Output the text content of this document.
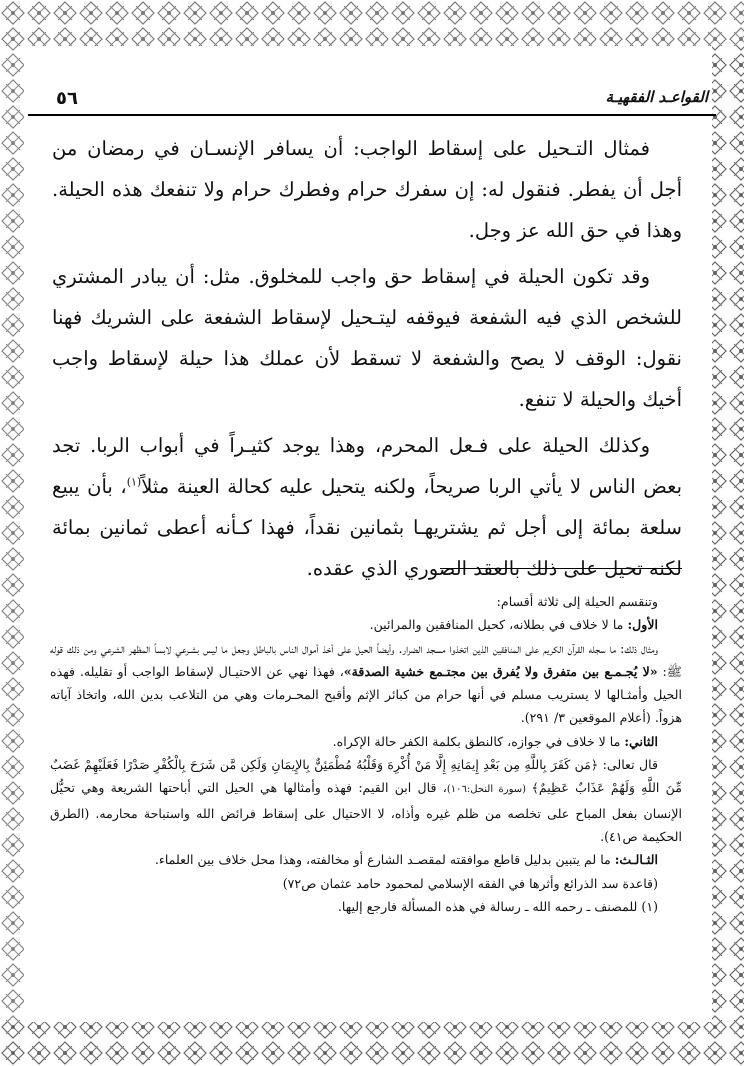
القواعـد الفقهيـة
٥٦

فمثال التـحيل على إسقاط الواجب: أن يسافر الإنسـان في رمضان من أجل أن يفطر. فنقول له: إن سفرك حرام وفطرك حرام ولا تنفعك هذه الحيلة. وهذا في حق الله عز وجل.

وقد تكون الحيلة في إسقاط حق واجب للمخلوق. مثل: أن يبادر المشتري للشخص الذي فيه الشفعة فيوقفه ليتـحيل لإسقاط الشفعة على الشريك فهنا نقول: الوقف لا يصح والشفعة لا تسقط لأن عملك هذا حيلة لإسقاط واجب أخيك والحيلة لا تنفع.

وكذلك الحيلة على فـعل المحرم، وهذا يوجد كثيـراً في أبواب الربا. تجد بعض الناس لا يأتي الربا صريحاً، ولكنه يتحيل عليه كحالة العينة مثلاً$^{(١)}$، بأن يبيع سلعة بمائة إلى أجل ثم يشتريهـا بثمانين نقداً، فهذا كـأنه أعطى ثمانين بمائة لكنه تحيل على ذلك بالعقد الصوري الذي عقده.

وتنقسم الحيلة إلى ثلاثة أقسام:

الأول: ما لا خلاف في بطلانه، كحيل المنافقين والمرائين.

ومثال ذلك: ما سجله القرآن الكريم على المنافقين الذين اتخذوا مسجد الضرار. وأيضاً الحيل على أخذ أموال الناس بالباطل وجعل ما ليس بشـرعي لابساً المظهر الشرعي ومن ذلك قوله ﷺ: «لا يُجـمـع بين متفرق ولا يُفرق بين مجتـمع خشية الصدقة»، فهذا نهي عن الاحتيـال لإسقاط الواجب أو تقليله. فهذه الحيل وأمثـالها لا يستريب مسلم في أنها حرام من كبائر الإثم وأقبح المحـرمات وهي من التلاعب بدين الله، واتخاذ آياته هزواً. (أعلام الموقعين ٣/ ٢٩١).

الثاني: ما لا خلاف في جوازه، كالنطق بكلمة الكفر حالة الإكراه.

قال تعالى: ﴿مَن كَفَرَ بِاللَّهِ مِن بَعْدِ إِيمَانِهِ إِلَّا مَنْ أُكْرِهَ وَقَلْبُهُ مُطْمَئِنٌّ بِالإِيمَانِ وَلَكِن مَّن شَرَحَ بِالْكُفْرِ صَدْرًا فَعَلَيْهِمْ غَضَبٌ مِّنَ اللَّهِ وَلَهُمْ عَذَابٌ عَظِيمٌ﴾ (سورة النحل:١٠٦)، قال ابن القيم: فهذه وأمثالها هي الحيل التي أباحتها الشريعة وهي تحيُّل الإنسان بفعل المباح على تخلصه من ظلم غيره وأذاه، لا الاحتيال على إسقاط فرائض الله واستباحة محارمه. (الطرق الحكيمة ص٤١).

الثـالـث: ما لم يتبين بدليل قاطع موافقته لمقصـد الشارع أو مخالفته، وهذا محل خلاف بين العلماء.

(قاعدة سد الذرائع وأثرها في الفقه الإسلامي لمحمود حامد عثمان ص٧٢)

(١) للمصنف ـ رحمه الله ـ رسالة في هذه المسألة فارجع إليها.
